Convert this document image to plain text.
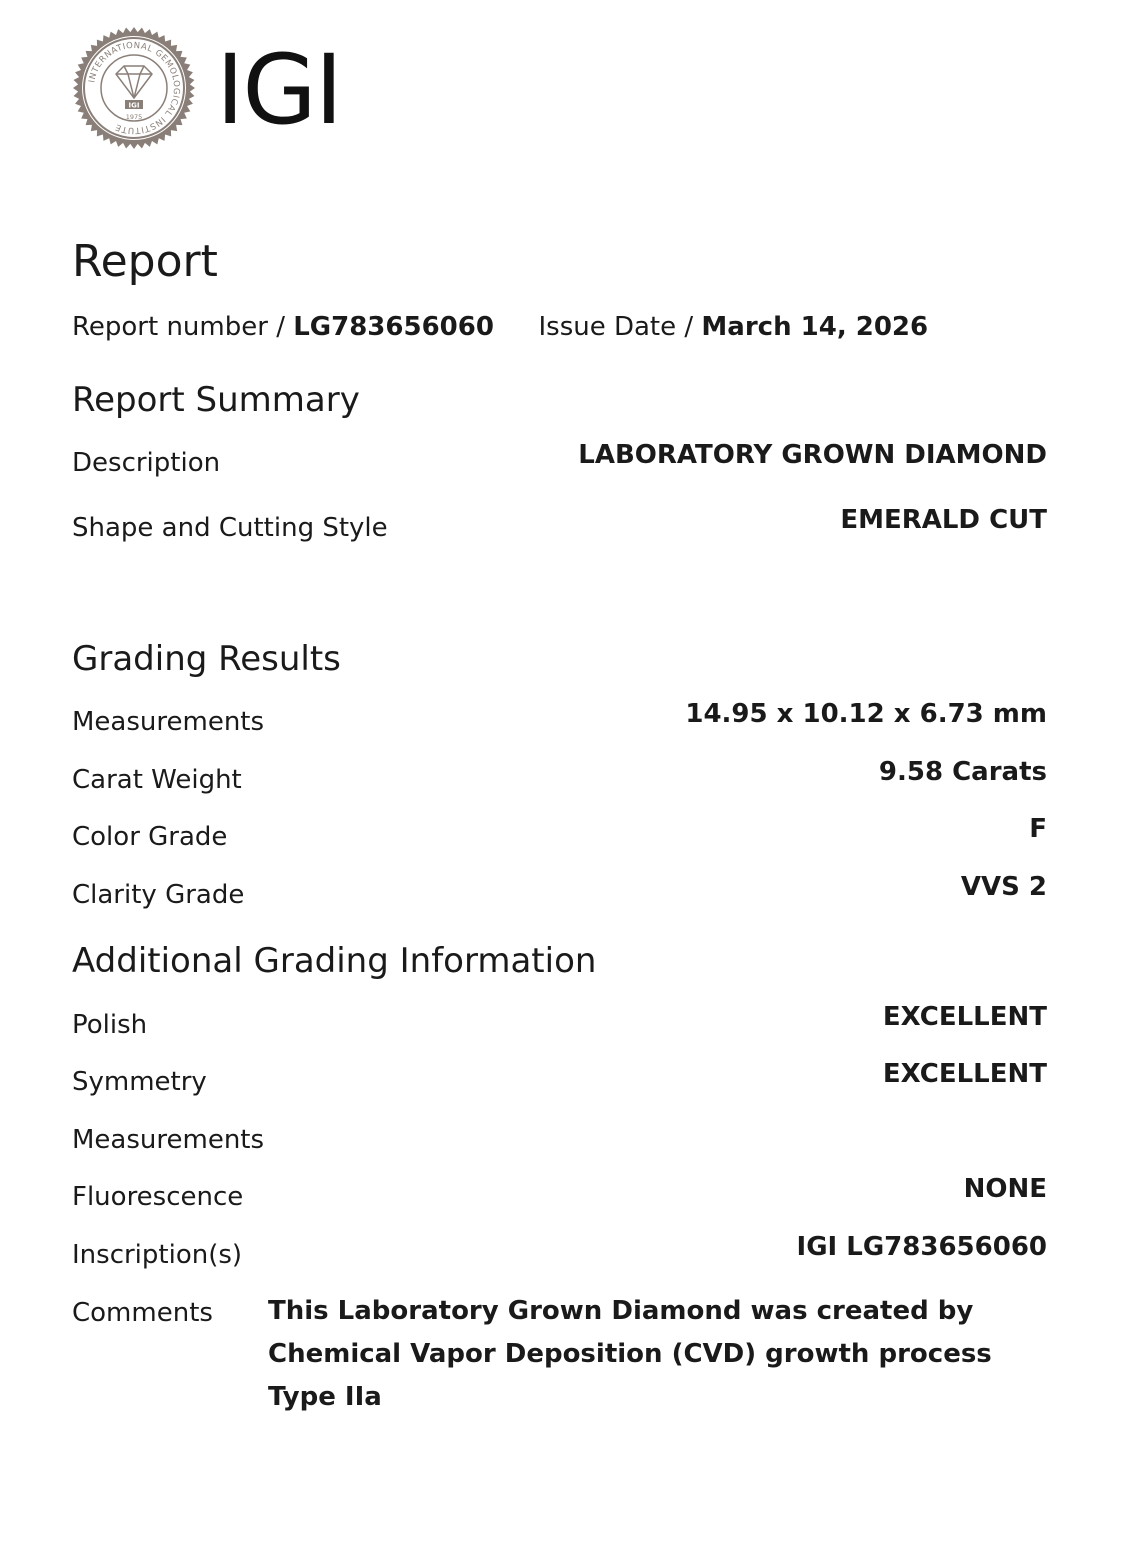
INTERNATIONAL GEMOLOGICAL INSTITUTE
IGI
1975 IGI
Report
Report number / LG783656060 Issue Date / March 14, 2026
Report Summary
Description	LABORATORY GROWN DIAMOND
Shape and Cutting Style	EMERALD CUT
Grading Results
Measurements	14.95 x 10.12 x 6.73 mm
Carat Weight	9.58 Carats
Color Grade	F
Clarity Grade	VVS 2
Additional Grading Information
Polish	EXCELLENT
Symmetry	EXCELLENT
Measurements
Fluorescence	NONE
Inscription(s)	IGI LG783656060
Comments This Laboratory Grown Diamond was created by Chemical Vapor Deposition (CVD) growth process Type IIa
